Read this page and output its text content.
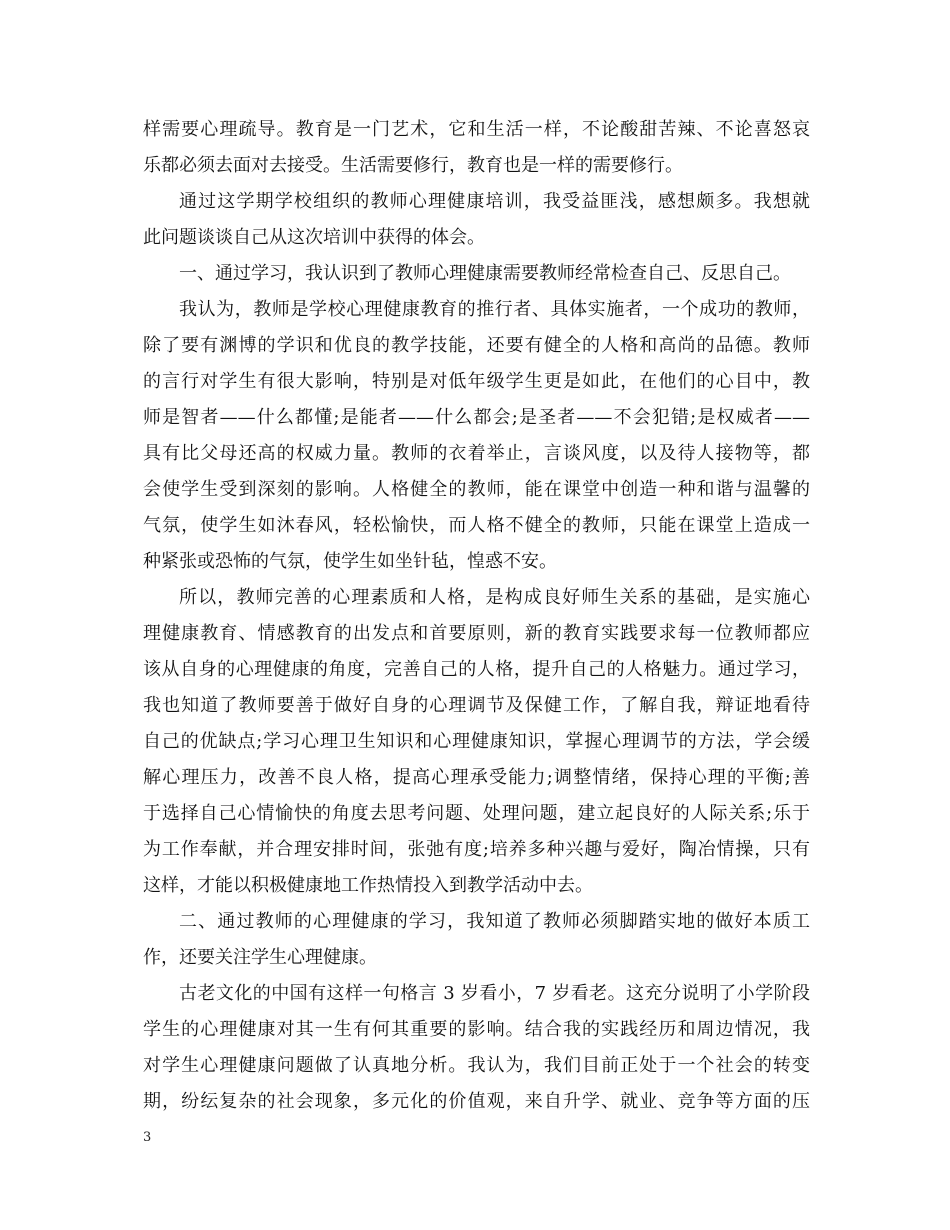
样需要心理疏导。教育是一门艺术，它和生活一样，不论酸甜苦辣、不论喜怒哀
乐都必须去面对去接受。生活需要修行，教育也是一样的需要修行。
通过这学期学校组织的教师心理健康培训，我受益匪浅，感想颇多。我想就
此问题谈谈自己从这次培训中获得的体会。
一、通过学习，我认识到了教师心理健康需要教师经常检查自己、反思自己。
我认为，教师是学校心理健康教育的推行者、具体实施者，一个成功的教师，
除了要有渊博的学识和优良的教学技能，还要有健全的人格和高尚的品德。教师
的言行对学生有很大影响，特别是对低年级学生更是如此，在他们的心目中，教
师是智者——什么都懂;是能者——什么都会;是圣者——不会犯错;是权威者——
具有比父母还高的权威力量。教师的衣着举止，言谈风度，以及待人接物等，都
会使学生受到深刻的影响。人格健全的教师，能在课堂中创造一种和谐与温馨的
气氛，使学生如沐春风，轻松愉快，而人格不健全的教师，只能在课堂上造成一
种紧张或恐怖的气氛，使学生如坐针毡，惶惑不安。
所以，教师完善的心理素质和人格，是构成良好师生关系的基础，是实施心
理健康教育、情感教育的出发点和首要原则，新的教育实践要求每一位教师都应
该从自身的心理健康的角度，完善自己的人格，提升自己的人格魅力。通过学习，
我也知道了教师要善于做好自身的心理调节及保健工作，了解自我，辩证地看待
自己的优缺点;学习心理卫生知识和心理健康知识，掌握心理调节的方法，学会缓
解心理压力，改善不良人格，提高心理承受能力;调整情绪，保持心理的平衡;善
于选择自己心情愉快的角度去思考问题、处理问题，建立起良好的人际关系;乐于
为工作奉献，并合理安排时间，张弛有度;培养多种兴趣与爱好，陶冶情操，只有
这样，才能以积极健康地工作热情投入到教学活动中去。
二、通过教师的心理健康的学习，我知道了教师必须脚踏实地的做好本质工
作，还要关注学生心理健康。
古老文化的中国有这样一句格言 3 岁看小，7 岁看老。这充分说明了小学阶段
学生的心理健康对其一生有何其重要的影响。结合我的实践经历和周边情况，我
对学生心理健康问题做了认真地分析。我认为，我们目前正处于一个社会的转变
期，纷纭复杂的社会现象，多元化的价值观，来自升学、就业、竞争等方面的压
3
